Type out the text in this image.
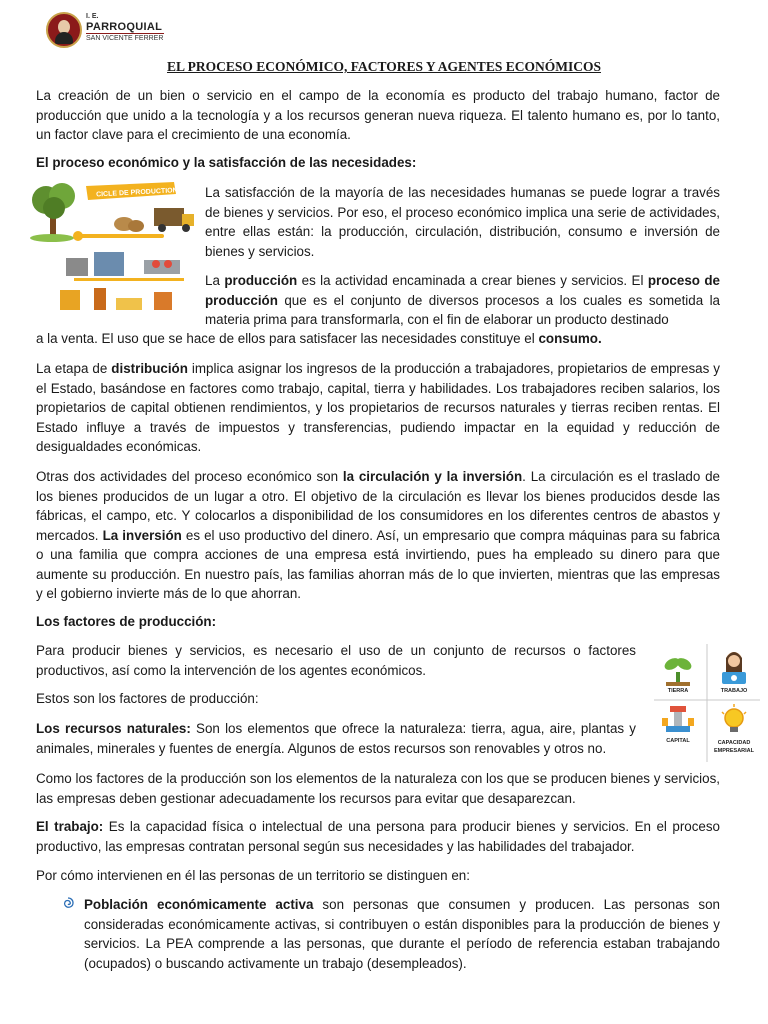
I. E.
PARROQUIAL
SAN VICENTE FERRER
EL PROCESO ECONÓMICO, FACTORES Y AGENTES ECONÓMICOS

La creación de un bien o servicio en el campo de la economía es producto del trabajo humano, factor de producción que unido a la tecnología y a los recursos generan nueva riqueza. El talento humano es, por lo tanto, un factor clave para el crecimiento de una economía.

El proceso económico y la satisfacción de las necesidades:

CICLE DE PRODUCTION La satisfacción de la mayoría de las necesidades humanas se puede lograr a través de bienes y servicios. Por eso, el proceso económico implica una serie de actividades, entre ellas están: la producción, circulación, distribución, consumo e inversión de bienes y servicios.

La producción es la actividad encaminada a crear bienes y servicios. El proceso de producción que es el conjunto de diversos procesos a los cuales es sometida la materia prima para transformarla, con el fin de elaborar un producto destinado

a la venta. El uso que se hace de ellos para satisfacer las necesidades constituye el consumo.

La etapa de distribución implica asignar los ingresos de la producción a trabajadores, propietarios de empresas y el Estado, basándose en factores como trabajo, capital, tierra y habilidades. Los trabajadores reciben salarios, los propietarios de capital obtienen rendimientos, y los propietarios de recursos naturales y tierras reciben rentas. El Estado influye a través de impuestos y transferencias, pudiendo impactar en la equidad y reducción de desigualdades económicas.

Otras dos actividades del proceso económico son la circulación y la inversión. La circulación es el traslado de los bienes producidos de un lugar a otro. El objetivo de la circulación es llevar los bienes producidos desde las fábricas, el campo, etc. Y colocarlos a disponibilidad de los consumidores en los diferentes centros de abastos y mercados. La inversión es el uso productivo del dinero. Así, un empresario que compra máquinas para su fabrica o una familia que compra acciones de una empresa está invirtiendo, pues ha empleado su dinero para que aumente su producción. En nuestro país, las familias ahorran más de lo que invierten, mientras que las empresas y el gobierno invierte más de lo que ahorran.

Los factores de producción:

Para producir bienes y servicios, es necesario el uso de un conjunto de recursos o factores productivos, así como la intervención de los agentes económicos.

Estos son los factores de producción:	TIERRA	TRABAJO
CAPITAL	CAPACIDAD
EMPRESARIAL

Los recursos naturales: Son los elementos que ofrece la naturaleza: tierra, agua, aire, plantas y animales, minerales y fuentes de energía. Algunos de estos recursos son renovables y otros no.

Como los factores de la producción son los elementos de la naturaleza con los que se producen bienes y servicios, las empresas deben gestionar adecuadamente los recursos para evitar que desaparezcan.

El trabajo: Es la capacidad física o intelectual de una persona para producir bienes y servicios. En el proceso productivo, las empresas contratan personal según sus necesidades y las habilidades del trabajador.

Por cómo intervienen en él las personas de un territorio se distinguen en:

Población económicamente activa son personas que consumen y producen. Las personas son consideradas económicamente activas, si contribuyen o están disponibles para la producción de bienes y servicios. La PEA comprende a las personas, que durante el período de referencia estaban trabajando (ocupados) o buscando activamente un trabajo (desempleados).
